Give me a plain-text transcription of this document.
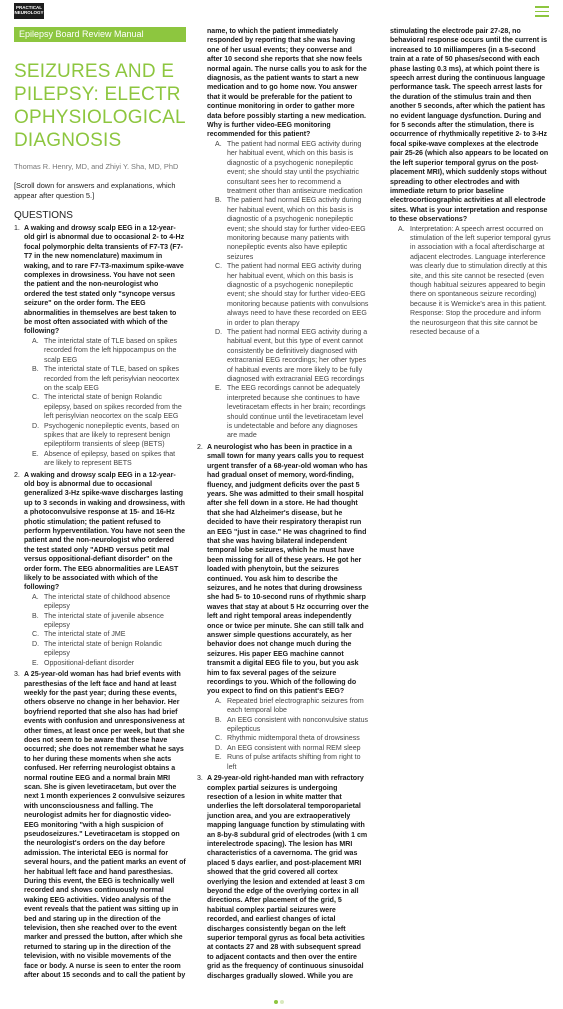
PRACTICAL NEUROLOGY
Epilepsy Board Review Manual
SEIZURES AND EPILEPSY: ELECTROPHYSIOLOGICAL DIAGNOSIS
Thomas R. Henry, MD, and Zhiyi Y. Sha, MD, PhD
[Scroll down for answers and explanations, which appear after question 5.]
QUESTIONS
1. A waking and drowsy scalp EEG in a 12-year-old girl is abnormal due to occasional 2- to 4-Hz focal polymorphic delta transients of F7-T3 (F7-T7 in the new nomenclature) maximum in waking, and to rare F7-T3-maximum spike-wave complexes in drowsiness. You have not seen the patient and the non-neurologist who ordered the test stated only "syncope versus seizure" on the order form. The EEG abnormalities in themselves are best taken to be most often associated with which of the following?
A. The interictal state of TLE based on spikes recorded from the left hippocampus on the scalp EEG
B. The interictal state of TLE, based on spikes recorded from the left perisylvian neocortex on the scalp EEG
C. The interictal state of benign Rolandic epilepsy, based on spikes recorded from the left perisylvian neocortex on the scalp EEG
D. Psychogenic nonepileptic events, based on spikes that are likely to represent benign epileptiform transients of sleep (BETS)
E. Absence of epilepsy, based on spikes that are likely to represent BETS
2. A waking and drowsy scalp EEG in a 12-year-old boy is abnormal due to occasional generalized 3-Hz spike-wave discharges lasting up to 3 seconds in waking and drowsiness, with a photoconvulsive response at 15- and 16-Hz photic stimulation; the patient refused to perform hyperventilation. You have not seen the patient and the non-neurologist who ordered the test stated only "ADHD versus petit mal versus oppositional-defiant disorder" on the order form. The EEG abnormalities are LEAST likely to be associated with which of the following?
A. The interictal state of childhood absence epilepsy
B. The interictal state of juvenile absence epilepsy
C. The interictal state of JME
D. The interictal state of benign Rolandic epilepsy
E. Oppositional-defiant disorder
3. A 25-year-old woman has had brief events with paresthesias of the left face and hand at least weekly for the past year; during these events, others observe no change in her behavior. Her boyfriend reported that she also has had brief events with confusion and unresponsiveness at other times, at least once per week, but that she does not seem to be aware that these have occurred; she does not remember what he says to her during these moments when she acts confused. Her referring neurologist obtains a normal routine EEG and a normal brain MRI scan. She is given levetiracetam, but over the next 1 month experiences 2 convulsive seizures with unconsciousness and falling. The neurologist admits her for diagnostic video-EEG monitoring "with a high suspicion of pseudoseizures." Levetiracetam is stopped on the neurologist's orders on the day before admission. The interictal EEG is normal for several hours, and the patient marks an event of her habitual left face and hand paresthesias. During this event, the EEG is technically well recorded and shows continuously normal waking EEG activities. Video analysis of the event reveals that the patient was sitting up in bed and staring up in the direction of the television, then she reached over to the event marker and pressed the button, after which she returned to staring up in the direction of the television, with no visible movements of the face or body. A nurse is seen to enter the room after about 15 seconds and to call the patient by
name, to which the patient immediately responded by reporting that she was having one of her usual events; they converse and after 10 second she reports that she now feels normal again. The nurse calls you to ask for the diagnosis, as the patient wants to start a new medication and to go home now. You answer that it would be preferable for the patient to continue monitoring in order to gather more data before possibly starting a new medication. Why is further video-EEG monitoring recommended for this patient?
A. The patient had normal EEG activity during her habitual event, which on this basis is diagnostic of a psychogenic nonepileptic event; she should stay until the psychiatric consultant sees her to recommend a treatment other than antiseizure medication
B. The patient had normal EEG activity during her habitual event, which on this basis is diagnostic of a psychogenic nonepileptic event; she should stay for further video-EEG monitoring because many patients with nonepileptic events also have epileptic seizures
C. The patient had normal EEG activity during her habitual event, which on this basis is diagnostic of a psychogenic nonepileptic event; she should stay for further video-EEG monitoring because patients with convulsions always need to have these recorded on EEG in order to plan therapy
D. The patient had normal EEG activity during a habitual event, but this type of event cannot consistently be definitively diagnosed with extracranial EEG recordings; her other types of habitual events are more likely to be fully diagnosed with extracranial EEG recordings
E. The EEG recordings cannot be adequately interpreted because she continues to have levetiracetam effects in her brain; recordings should continue until the levetiracetam level is undetectable and before any diagnoses are made
2. A neurologist who has been in practice in a small town for many years calls you to request urgent transfer of a 68-year-old woman who has had gradual onset of memory, word-finding, fluency, and judgment deficits over the past 5 years. She was admitted to their small hospital after she fell down in a store. He had thought that she had Alzheimer's disease, but he decided to have their respiratory therapist run an EEG "just in case." He was chagrined to find that she was having bilateral independent temporal lobe seizures, which he must have been missing for all of these years. He got her loaded with phenytoin, but the seizures continued. You ask him to describe the seizures, and he notes that during drowsiness she had 5- to 10-second runs of rhythmic sharp waves that stay at about 5 Hz occurring over the left and right temporal areas independently once or twice per minute. She can still talk and answer simple questions accurately, as her behavior does not change much during the seizures. His paper EEG machine cannot transmit a digital EEG file to you, but you ask him to fax several pages of the seizure recordings to you. Which of the following do you expect to find on this patient's EEG?
A. Repeated brief electrographic seizures from each temporal lobe
B. An EEG consistent with nonconvulsive status epilepticus
C. Rhythmic midtemporal theta of drowsiness
D. An EEG consistent with normal REM sleep
E. Runs of pulse artifacts shifting from right to left
3. A 29-year-old right-handed man with refractory complex partial seizures is undergoing resection of a lesion in white matter that underlies the left dorsolateral temporoparietal junction area, and you are extraoperatively mapping language function by stimulating with an 8-by-8 subdural grid of electrodes (with 1 cm interelectrode spacing). The lesion has MRI characteristics of a cavernoma. The grid was placed 5 days earlier, and post-placement MRI showed that the grid covered all cortex overlying the lesion and extended at least 3 cm beyond the edge of the overlying cortex in all directions. After placement of the grid, 5 habitual complex partial seizures were recorded, and earliest changes of ictal discharges consistently began on the left superior temporal gyrus as focal beta activities at contacts 27 and 28 with subsequent spread to adjacent contacts and then over the entire grid as the frequency of continuous sinusoidal discharges gradually slowed. While you are
stimulating the electrode pair 27-28, no behavioral response occurs until the current is increased to 10 milliamperes (in a 5-second train at a rate of 50 phases/second with each phase lasting 0.3 ms), at which point there is speech arrest during the continuous language performance task. The speech arrest lasts for the duration of the stimulus train and then another 5 seconds, after which the patient has no evident language dysfunction. During and for 5 seconds after the stimulation, there is occurrence of rhythmically repetitive 2- to 3-Hz focal spike-wave complexes at the electrode pair 25-26 (which also appears to be located on the left superior temporal gyrus on the post-placement MRI), which suddenly stops without spreading to other electrodes and with immediate return to prior baseline electrocorticographic activities at all electrode sites. What is your interpretation and response to these observations?
A. Interpretation: A speech arrest occurred on stimulation of the left superior temporal gyrus in association with a focal afterdischarge at adjacent electrodes. Language interference was clearly due to stimulation directly at this site, and this site cannot be resected (even though habitual seizures appeared to begin there on spontaneous seizure recording) because it is Wernicke's area in this patient. Response: Stop the procedure and inform the neurosurgeon that this site cannot be resected because of a
